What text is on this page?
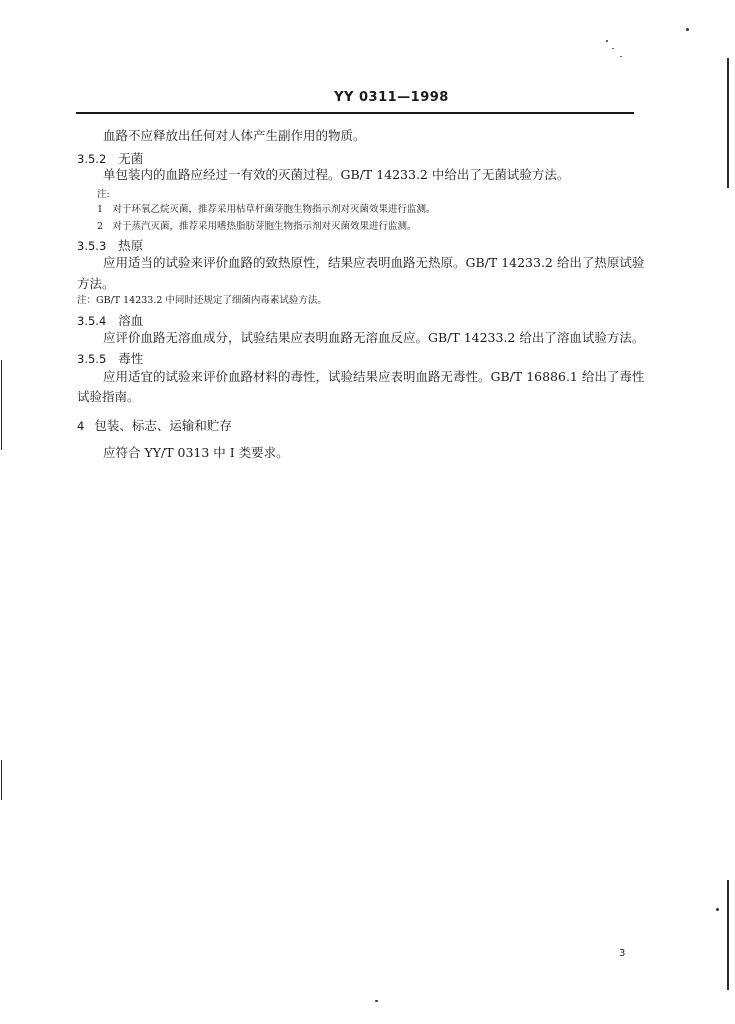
YY 0311—1998
血路不应释放出任何对人体产生副作用的物质。
3.5.2 无菌
单包装内的血路应经过一有效的灭菌过程。GB/T 14233.2 中给出了无菌试验方法。
注:
1　对于环氧乙烷灭菌，推荐采用枯草杆菌芽胞生物指示剂对灭菌效果进行监测。
2　对于蒸汽灭菌，推荐采用嗜热脂肪芽胞生物指示剂对灭菌效果进行监测。
3.5.3 热原
应用适当的试验来评价血路的致热原性，结果应表明血路无热原。GB/T 14233.2 给出了热原试验
方法。
注：GB/T 14233.2 中同时还规定了细菌内毒素试验方法。
3.5.4 溶血
应评价血路无溶血成分，试验结果应表明血路无溶血反应。GB/T 14233.2 给出了溶血试验方法。
3.5.5 毒性
应用适宜的试验来评价血路材料的毒性，试验结果应表明血路无毒性。GB/T 16886.1 给出了毒性
试验指南。
4 包装、标志、运输和贮存
应符合 YY/T 0313 中 I 类要求。
3
